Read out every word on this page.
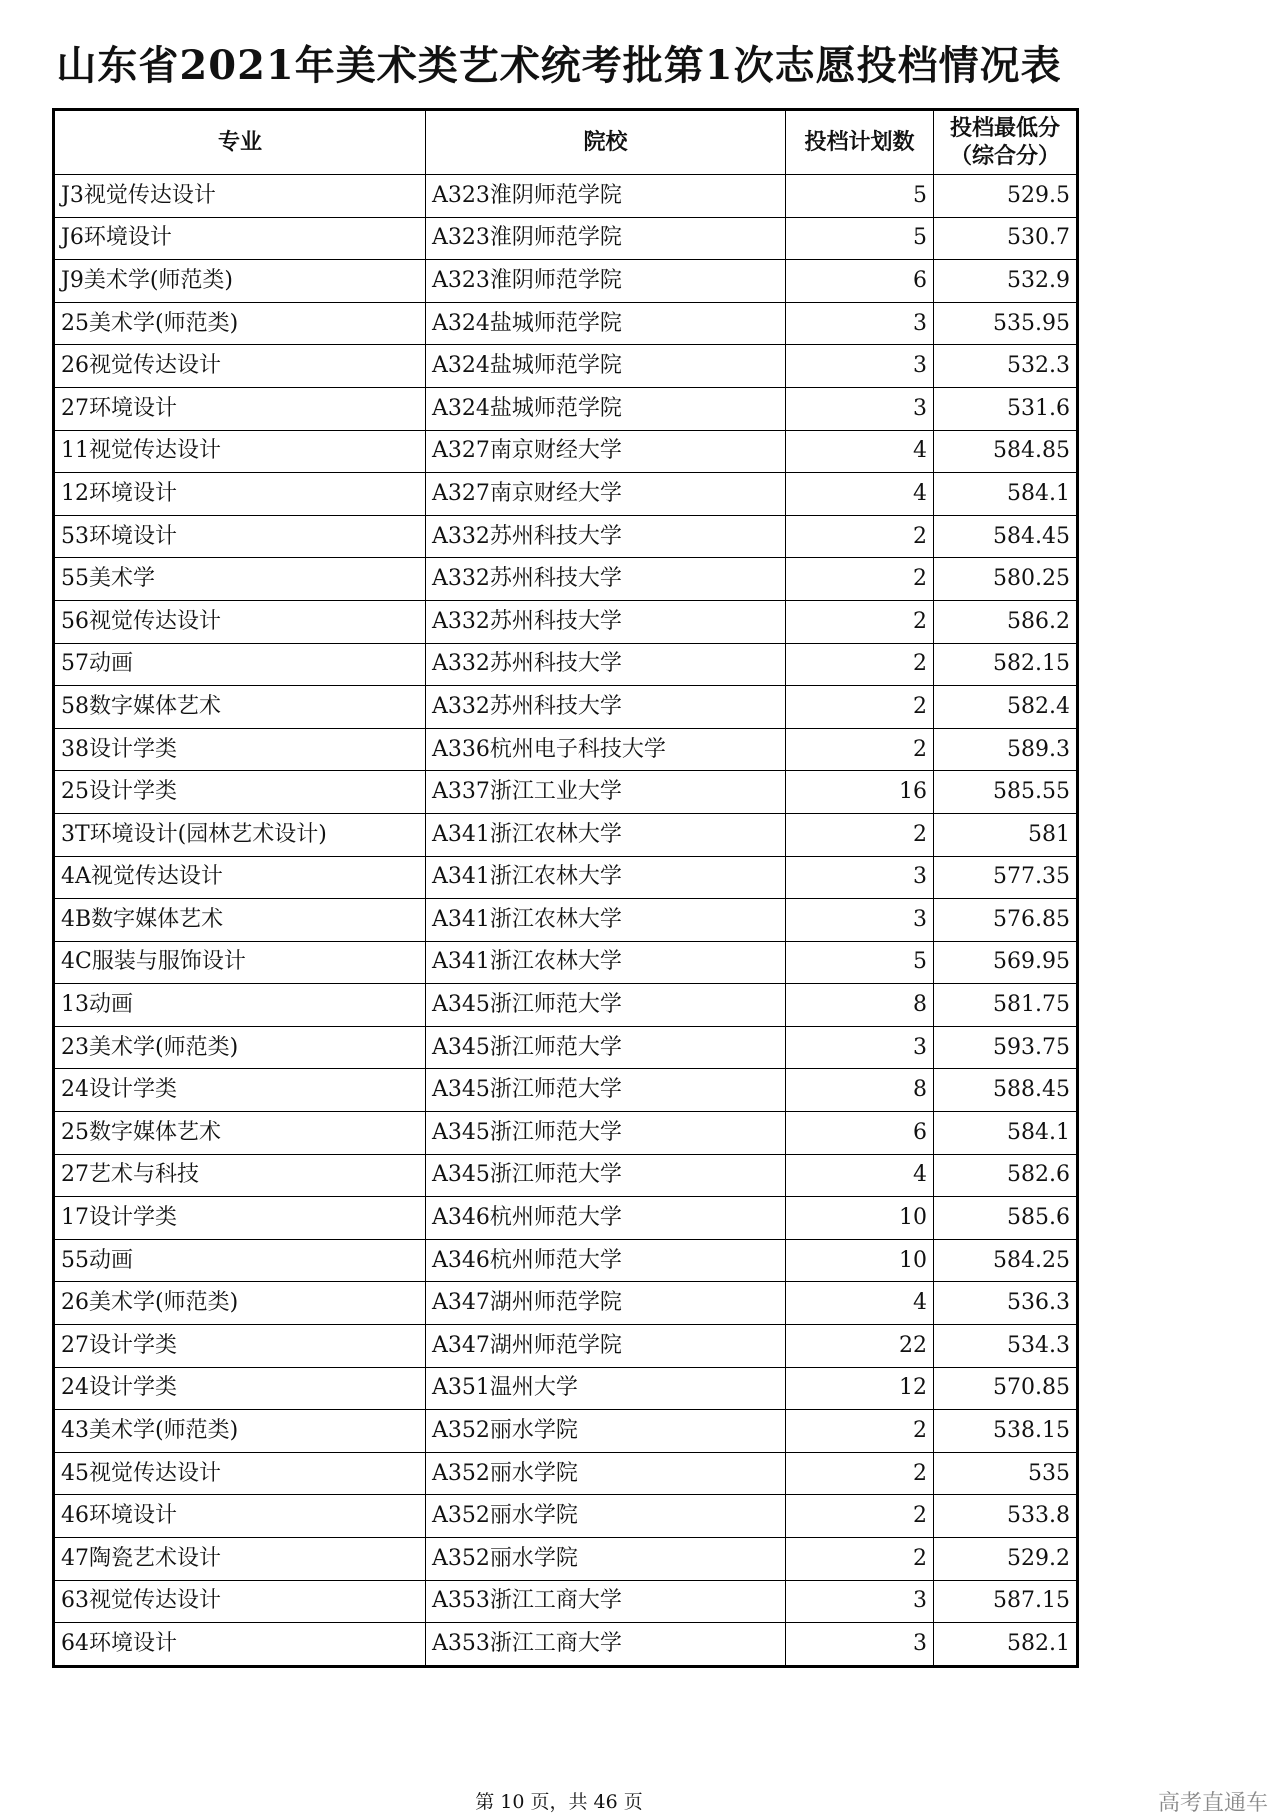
山东省2021年美术类艺术统考批第1次志愿投档情况表
专业	院校	投档计划数	投档最低分
（综合分）
J3视觉传达设计	A323淮阴师范学院	5	529.5
J6环境设计	A323淮阴师范学院	5	530.7
J9美术学(师范类)	A323淮阴师范学院	6	532.9
25美术学(师范类)	A324盐城师范学院	3	535.95
26视觉传达设计	A324盐城师范学院	3	532.3
27环境设计	A324盐城师范学院	3	531.6
11视觉传达设计	A327南京财经大学	4	584.85
12环境设计	A327南京财经大学	4	584.1
53环境设计	A332苏州科技大学	2	584.45
55美术学	A332苏州科技大学	2	580.25
56视觉传达设计	A332苏州科技大学	2	586.2
57动画	A332苏州科技大学	2	582.15
58数字媒体艺术	A332苏州科技大学	2	582.4
38设计学类	A336杭州电子科技大学	2	589.3
25设计学类	A337浙江工业大学	16	585.55
3T环境设计(园林艺术设计)	A341浙江农林大学	2	581
4A视觉传达设计	A341浙江农林大学	3	577.35
4B数字媒体艺术	A341浙江农林大学	3	576.85
4C服装与服饰设计	A341浙江农林大学	5	569.95
13动画	A345浙江师范大学	8	581.75
23美术学(师范类)	A345浙江师范大学	3	593.75
24设计学类	A345浙江师范大学	8	588.45
25数字媒体艺术	A345浙江师范大学	6	584.1
27艺术与科技	A345浙江师范大学	4	582.6
17设计学类	A346杭州师范大学	10	585.6
55动画	A346杭州师范大学	10	584.25
26美术学(师范类)	A347湖州师范学院	4	536.3
27设计学类	A347湖州师范学院	22	534.3
24设计学类	A351温州大学	12	570.85
43美术学(师范类)	A352丽水学院	2	538.15
45视觉传达设计	A352丽水学院	2	535
46环境设计	A352丽水学院	2	533.8
47陶瓷艺术设计	A352丽水学院	2	529.2
63视觉传达设计	A353浙江工商大学	3	587.15
64环境设计	A353浙江工商大学	3	582.1
第 10 页，共 46 页	高考直通车
